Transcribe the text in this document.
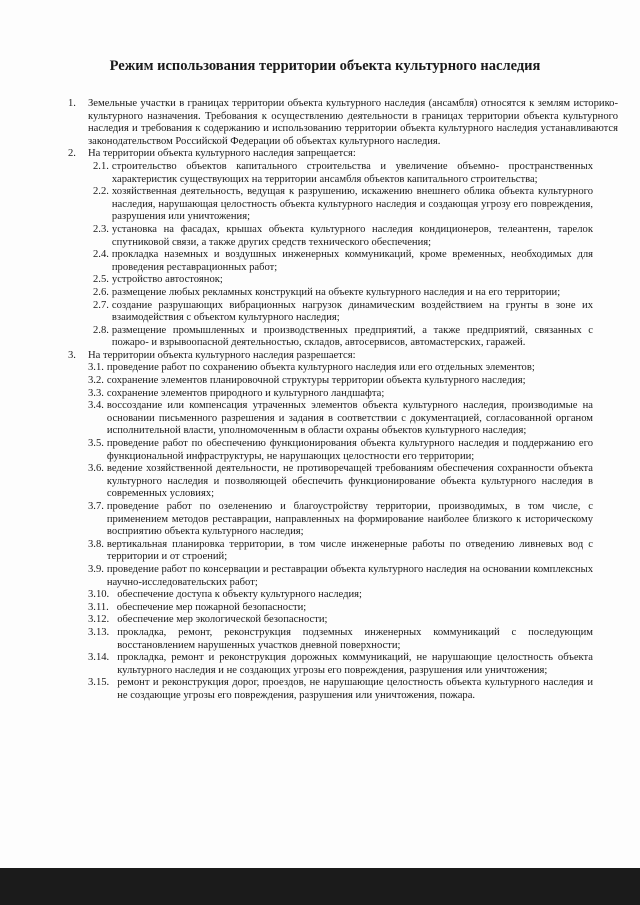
Режим использования территории объекта культурного наследия
1.	Земельные участки в границах территории объекта культурного наследия (ансамбля) относятся к землям историко-культурного назначения. Требования к осуществлению деятельности в границах территории объекта культурного наследия и требования к содержанию и использованию территории объекта культурного наследия устанавливаются законодательством Российской Федерации об объектах культурного наследия.
2.	На территории объекта культурного наследия запрещается:
2.1. строительство объектов капитального строительства и увеличение объемно- пространственных характеристик существующих на территории ансамбля объектов капитального строительства;
2.2. хозяйственная деятельность, ведущая к разрушению, искажению внешнего облика объекта культурного наследия, нарушающая целостность объекта культурного наследия и создающая угрозу его повреждения, разрушения или уничтожения;
2.3. установка на фасадах, крышах объекта культурного наследия кондиционеров, телеантенн, тарелок спутниковой связи, а также других средств технического обеспечения;
2.4. прокладка наземных и воздушных инженерных коммуникаций, кроме временных, необходимых для проведения реставрационных работ;
2.5. устройство автостоянок;
2.6. размещение любых рекламных конструкций на объекте культурного наследия и на его территории;
2.7. создание разрушающих вибрационных нагрузок динамическим воздействием на грунты в зоне их взаимодействия с объектом культурного наследия;
2.8. размещение промышленных и производственных предприятий, а также предприятий, связанных с пожаро- и взрывоопасной деятельностью, складов, автосервисов, автомастерских, гаражей.
3.	На территории объекта культурного наследия разрешается:
3.1. проведение работ по сохранению объекта культурного наследия или его отдельных элементов;
3.2. сохранение элементов планировочной структуры территории объекта культурного наследия;
3.3. сохранение элементов природного и культурного ландшафта;
3.4. воссоздание или компенсация утраченных элементов объекта культурного наследия, производимые на основании письменного разрешения и задания в соответствии с документацией, согласованной органом исполнительной власти, уполномоченным в области охраны объектов культурного наследия;
3.5. проведение работ по обеспечению функционирования объекта культурного наследия и поддержанию его функциональной инфраструктуры, не нарушающих целостности его территории;
3.6. ведение хозяйственной деятельности, не противоречащей требованиям обеспечения сохранности объекта культурного наследия и позволяющей обеспечить функционирование объекта культурного наследия в современных условиях;
3.7. проведение работ по озеленению и благоустройству территории, производимых, в том числе, с применением методов реставрации, направленных на формирование наиболее близкого к историческому восприятию объекта культурного наследия;
3.8. вертикальная планировка территории, в том числе инженерные работы по отведению ливневых вод с территории и от строений;
3.9. проведение работ по консервации и реставрации объекта культурного наследия на основании комплексных научно-исследовательских работ;
3.10. обеспечение доступа к объекту культурного наследия;
3.11. обеспечение мер пожарной безопасности;
3.12. обеспечение мер экологической безопасности;
3.13. прокладка, ремонт, реконструкция подземных инженерных коммуникаций с последующим восстановлением нарушенных участков дневной поверхности;
3.14. прокладка, ремонт и реконструкция дорожных коммуникаций, не нарушающие целостность объекта культурного наследия и не создающих угрозы его повреждения, разрушения или уничтожения;
3.15. ремонт и реконструкция дорог, проездов, не нарушающие целостность объекта культурного наследия и не создающие угрозы его повреждения, разрушения или уничтожения, пожара.
